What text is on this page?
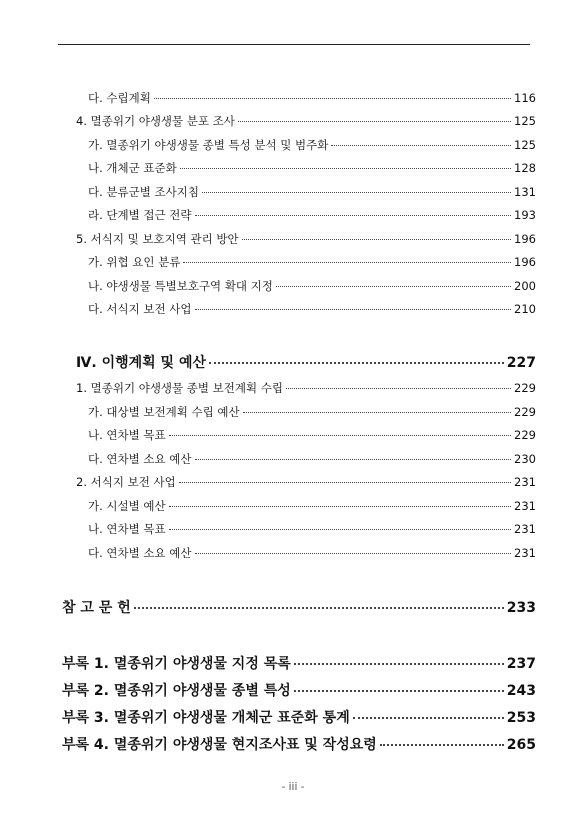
다. 수립계획	116
4. 멸종위기 야생생물 분포 조사	125
가. 멸종위기 야생생물 종별 특성 분석 및 범주화	125
나. 개체군 표준화	128
다. 분류군별 조사지침	131
라. 단계별 접근 전략	193
5. 서식지 및 보호지역 관리 방안	196
가. 위협 요인 분류	196
나. 야생생물 특별보호구역 확대 지정	200
다. 서식지 보전 사업	210
Ⅳ. 이행계획 및 예산	227
1. 멸종위기 야생생물 종별 보전계획 수립	229
가. 대상별 보전계획 수립 예산	229
나. 연차별 목표	229
다. 연차별 소요 예산	230
2. 서식지 보전 사업	231
가. 시설별 예산	231
나. 연차별 목표	231
다. 연차별 소요 예산	231
참 고 문 헌	233
부록 1. 멸종위기 야생생물 지정 목록	237
부록 2. 멸종위기 야생생물 종별 특성	243
부록 3. 멸종위기 야생생물 개체군 표준화 통계	253
부록 4. 멸종위기 야생생물 현지조사표 및 작성요령	265
- iii -
